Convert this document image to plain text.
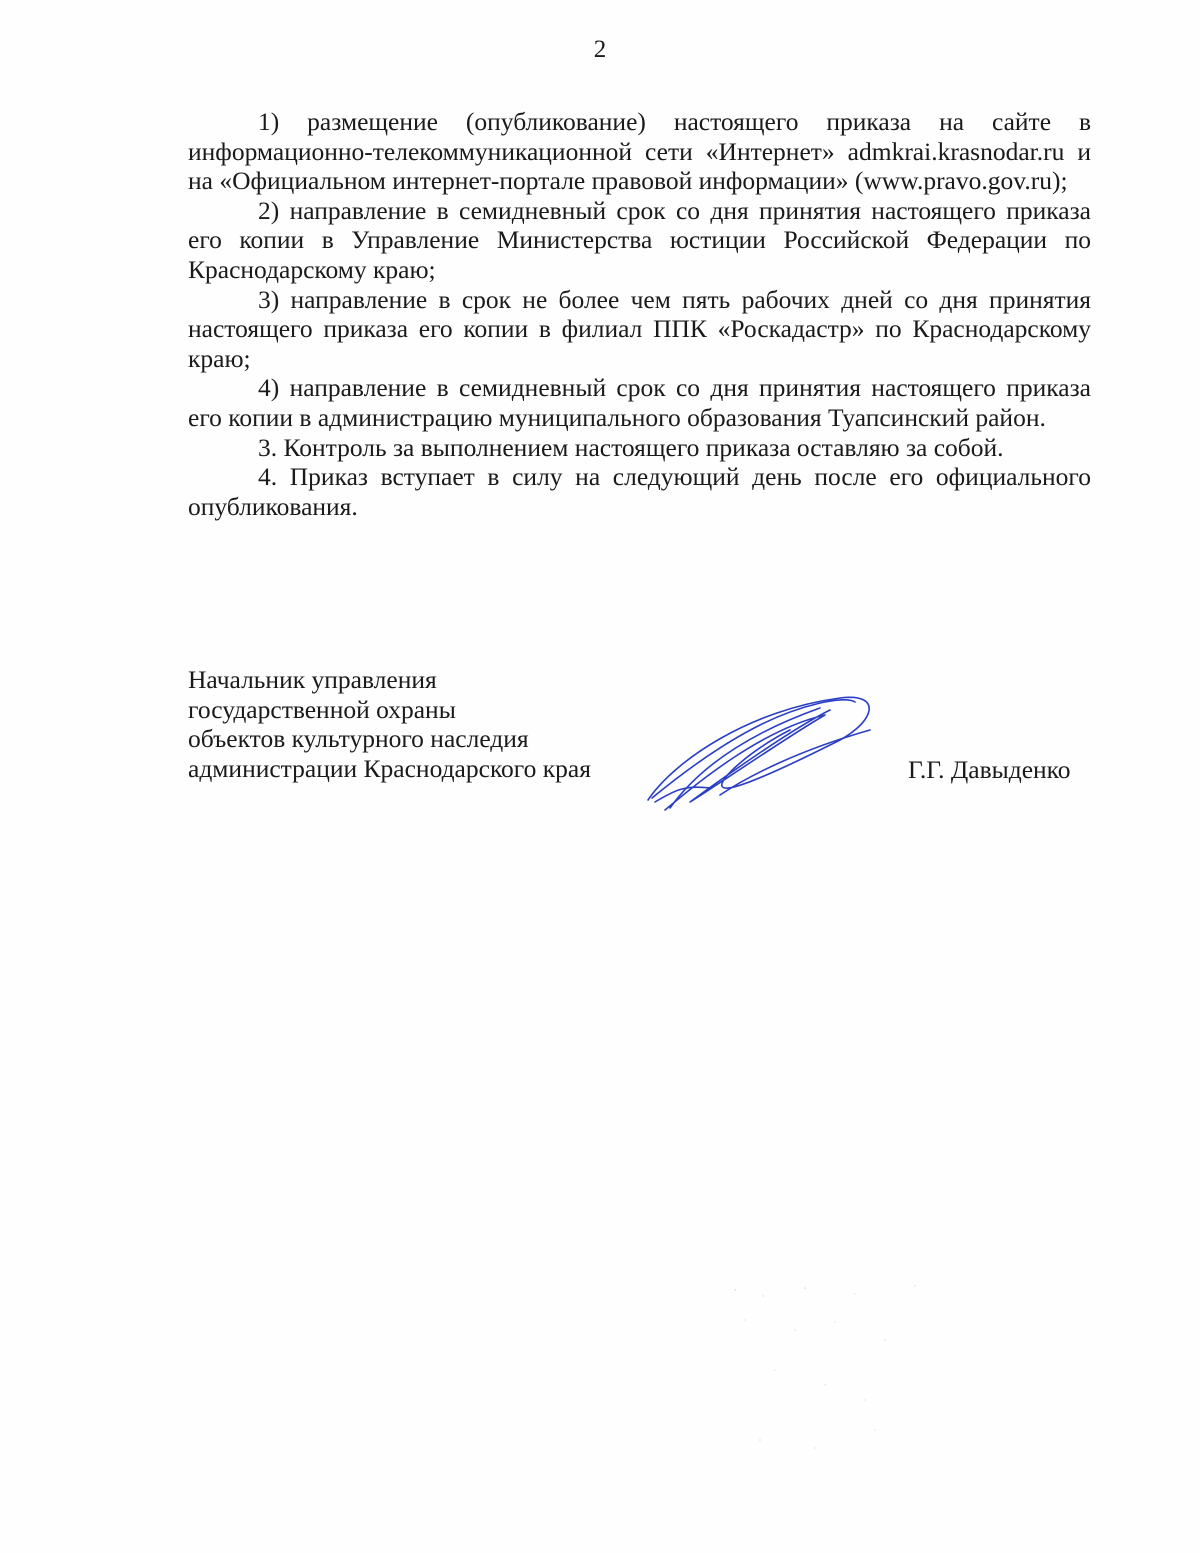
2

1) размещение (опубликование) настоящего приказа на сайте в информационно-телекоммуникационной сети «Интернет» admkrai.krasnodar.ru и на «Официальном интернет-портале правовой информации» (www.pravo.gov.ru);

2) направление в семидневный срок со дня принятия настоящего приказа его копии в Управление Министерства юстиции Российской Федерации по Краснодарскому краю;

3) направление в срок не более чем пять рабочих дней со дня принятия настоящего приказа его копии в филиал ППК «Роскадастр» по Краснодарскому краю;

4) направление в семидневный срок со дня принятия настоящего приказа его копии в администрацию муниципального образования Туапсинский район.

3. Контроль за выполнением настоящего приказа оставляю за собой.

4. Приказ вступает в силу на следующий день после его официального опубликования.

Начальник управления
государственной охраны
объектов культурного наследия
администрации Краснодарского края	Г.Г. Давыденко
